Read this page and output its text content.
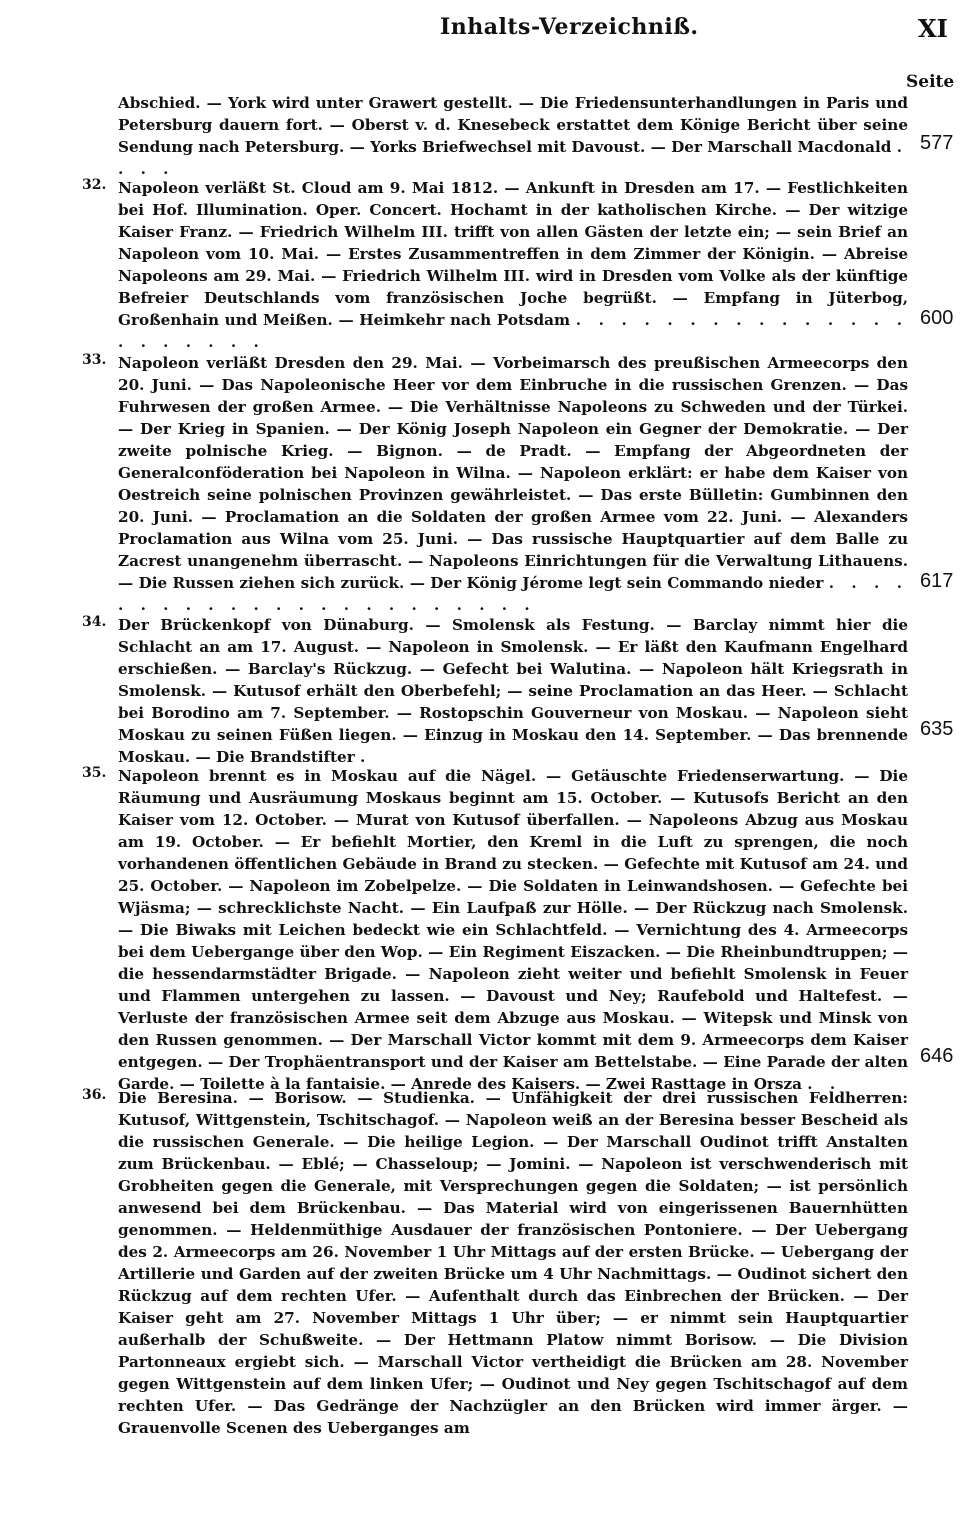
Inhalts-Verzeichniß.	XI
Seite
Abschied. — York wird unter Grawert gestellt. — Die Friedensunterhandlungen in Paris und Petersburg dauern fort. — Oberst v. d. Knesebeck erstattet dem Könige Bericht über seine Sendung nach Petersburg. — Yorks Briefwechsel mit Davoust. — Der Marschall Macdonald . . . .
577
32. Napoleon verläßt St. Cloud am 9. Mai 1812. — Ankunft in Dresden am 17. — Festlichkeiten bei Hof. Illumination. Oper. Concert. Hochamt in der katholischen Kirche. — Der witzige Kaiser Franz. — Friedrich Wilhelm III. trifft von allen Gästen der letzte ein; — sein Brief an Napoleon vom 10. Mai. — Erstes Zusammentreffen in dem Zimmer der Königin. — Abreise Napoleons am 29. Mai. — Friedrich Wilhelm III. wird in Dresden vom Volke als der künftige Befreier Deutschlands vom französischen Joche begrüßt. — Empfang in Jüterbog, Großenhain und Meißen. — Heimkehr nach Potsdam . . . . . . . . . . . . . . . . . . . . . .
600
33. Napoleon verläßt Dresden den 29. Mai. — Vorbeimarsch des preußischen Armeecorps den 20. Juni. — Das Napoleonische Heer vor dem Einbruche in die russischen Grenzen. — Das Fuhrwesen der großen Armee. — Die Verhältnisse Napoleons zu Schweden und der Türkei. — Der Krieg in Spanien. — Der König Joseph Napoleon ein Gegner der Demokratie. — Der zweite polnische Krieg. — Bignon. — de Pradt. — Empfang der Abgeordneten der Generalconföderation bei Napoleon in Wilna. — Napoleon erklärt: er habe dem Kaiser von Oestreich seine polnischen Provinzen gewährleistet. — Das erste Bülletin: Gumbinnen den 20. Juni. — Proclamation an die Soldaten der großen Armee vom 22. Juni. — Alexanders Proclamation aus Wilna vom 25. Juni. — Das russische Hauptquartier auf dem Balle zu Zacrest unangenehm überrascht. — Napoleons Einrichtungen für die Verwaltung Lithauens. — Die Russen ziehen sich zurück. — Der König Jérome legt sein Commando nieder . . . . . . . . . . . . . . . . . . . . . . .
617
34. Der Brückenkopf von Dünaburg. — Smolensk als Festung. — Barclay nimmt hier die Schlacht an am 17. August. — Napoleon in Smolensk. — Er läßt den Kaufmann Engelhard erschießen. — Barclay's Rückzug. — Gefecht bei Walutina. — Napoleon hält Kriegsrath in Smolensk. — Kutusof erhält den Oberbefehl; — seine Proclamation an das Heer. — Schlacht bei Borodino am 7. September. — Rostopschin Gouverneur von Moskau. — Napoleon sieht Moskau zu seinen Füßen liegen. — Einzug in Moskau den 14. September. — Das brennende Moskau. — Die Brandstifter .
635
35. Napoleon brennt es in Moskau auf die Nägel. — Getäuschte Friedenserwartung. — Die Räumung und Ausräumung Moskaus beginnt am 15. October. — Kutusofs Bericht an den Kaiser vom 12. October. — Murat von Kutusof überfallen. — Napoleons Abzug aus Moskau am 19. October. — Er befiehlt Mortier, den Kreml in die Luft zu sprengen, die noch vorhandenen öffentlichen Gebäude in Brand zu stecken. — Gefechte mit Kutusof am 24. und 25. October. — Napoleon im Zobelpelze. — Die Soldaten in Leinwandshosen. — Gefechte bei Wjäsma; — schrecklichste Nacht. — Ein Laufpaß zur Hölle. — Der Rückzug nach Smolensk. — Die Biwaks mit Leichen bedeckt wie ein Schlachtfeld. — Vernichtung des 4. Armeecorps bei dem Uebergange über den Wop. — Ein Regiment Eiszacken. — Die Rheinbundtruppen; — die hessendarmstädter Brigade. — Napoleon zieht weiter und befiehlt Smolensk in Feuer und Flammen untergehen zu lassen. — Davoust und Ney; Raufebold und Haltefest. — Verluste der französischen Armee seit dem Abzuge aus Moskau. — Witepsk und Minsk von den Russen genommen. — Der Marschall Victor kommt mit dem 9. Armeecorps dem Kaiser entgegen. — Der Trophäentransport und der Kaiser am Bettelstabe. — Eine Parade der alten Garde. — Toilette à la fantaisie. — Anrede des Kaisers. — Zwei Rasttage in Orsza . .
646
36. Die Beresina. — Borisow. — Studienka. — Unfähigkeit der drei russischen Feldherren: Kutusof, Wittgenstein, Tschitschagof. — Napoleon weiß an der Beresina besser Bescheid als die russischen Generale. — Die heilige Legion. — Der Marschall Oudinot trifft Anstalten zum Brückenbau. — Eblé; — Chasseloup; — Jomini. — Napoleon ist verschwenderisch mit Grobheiten gegen die Generale, mit Versprechungen gegen die Soldaten; — ist persönlich anwesend bei dem Brückenbau. — Das Material wird von eingerissenen Bauernhütten genommen. — Heldenmüthige Ausdauer der französischen Pontoniere. — Der Uebergang des 2. Armeecorps am 26. November 1 Uhr Mittags auf der ersten Brücke. — Uebergang der Artillerie und Garden auf der zweiten Brücke um 4 Uhr Nachmittags. — Oudinot sichert den Rückzug auf dem rechten Ufer. — Aufenthalt durch das Einbrechen der Brücken. — Der Kaiser geht am 27. November Mittags 1 Uhr über; — er nimmt sein Hauptquartier außerhalb der Schußweite. — Der Hettmann Platow nimmt Borisow. — Die Division Partonneaux ergiebt sich. — Marschall Victor vertheidigt die Brücken am 28. November gegen Wittgenstein auf dem linken Ufer; — Oudinot und Ney gegen Tschitschagof auf dem rechten Ufer. — Das Gedränge der Nachzügler an den Brücken wird immer ärger. — Grauenvolle Scenen des Ueberganges am
